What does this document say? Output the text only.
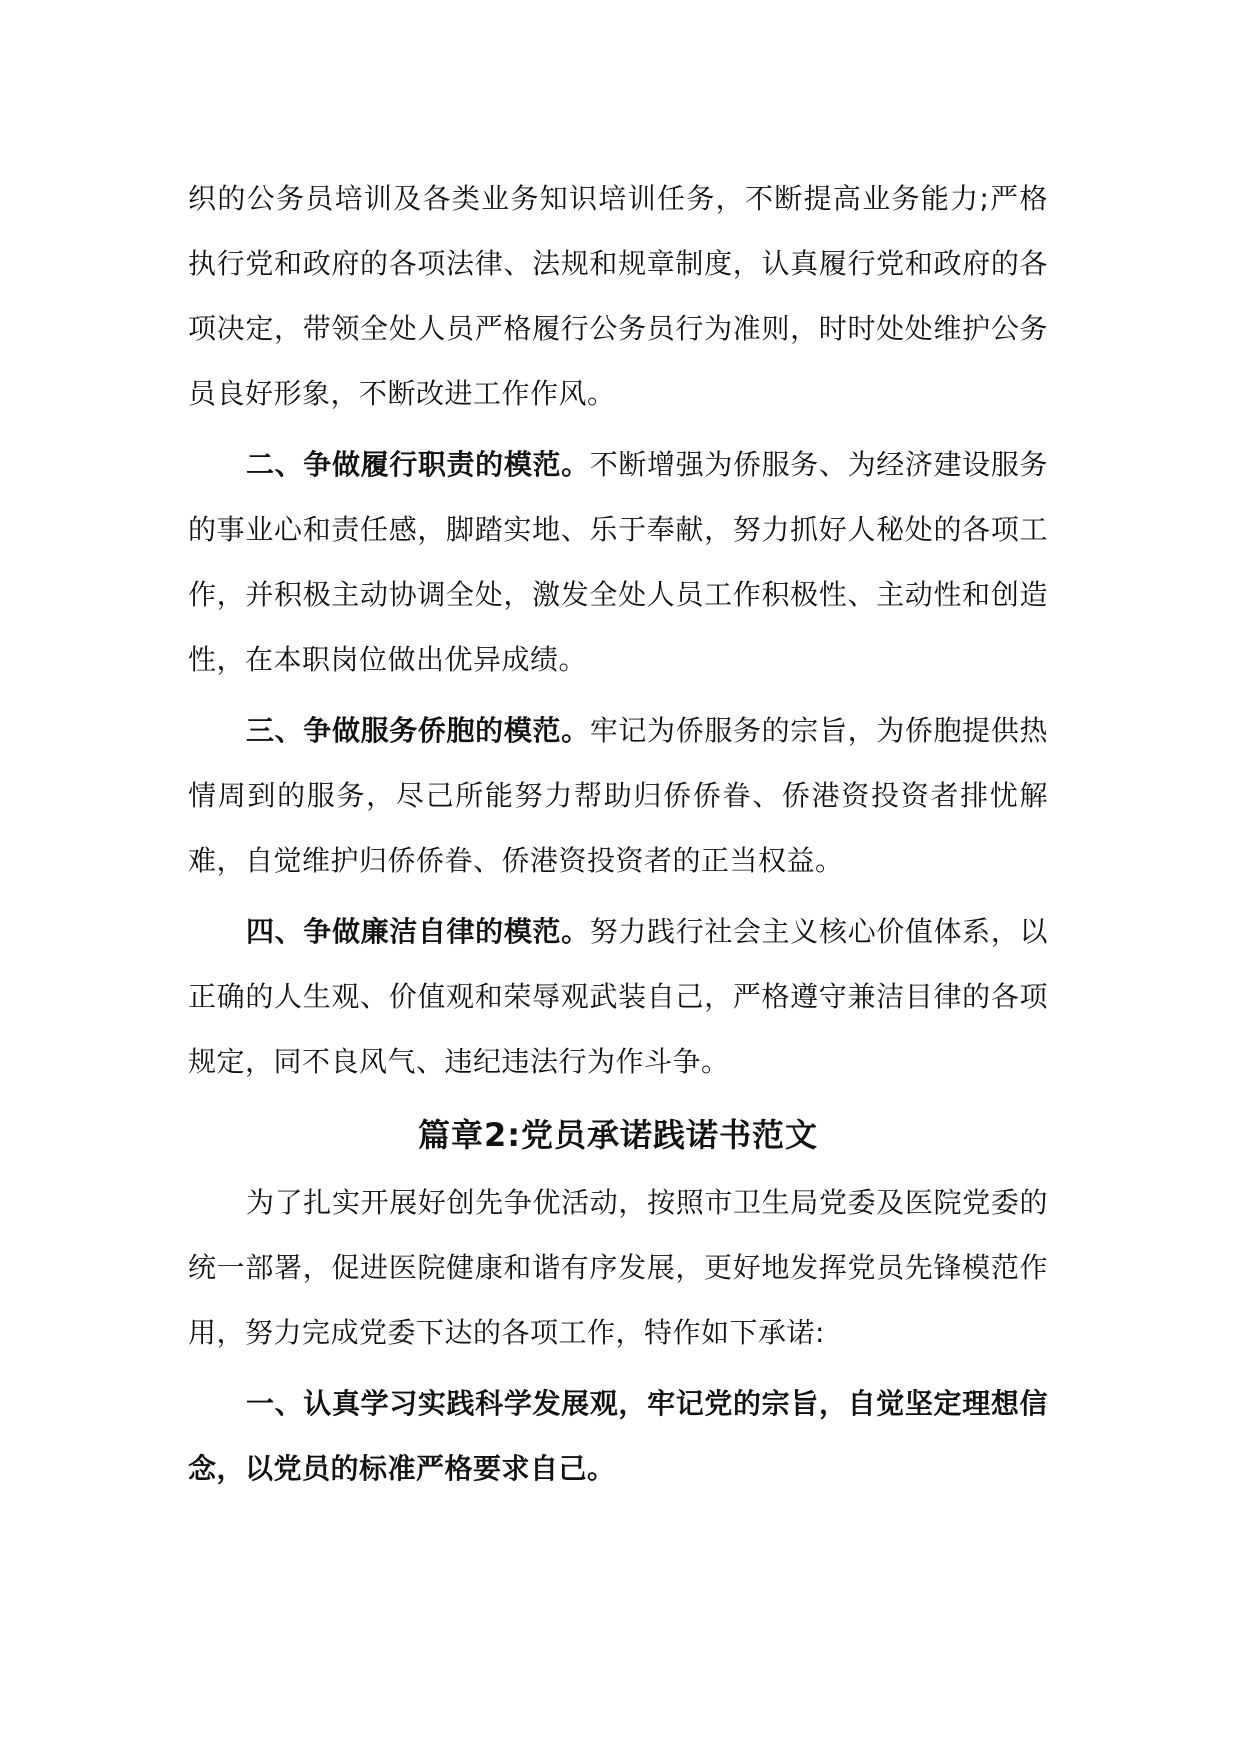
织的公务员培训及各类业务知识培训任务，不断提高业务能力;严格执行党和政府的各项法律、法规和规章制度，认真履行党和政府的各项决定，带领全处人员严格履行公务员行为准则，时时处处维护公务员良好形象，不断改进工作作风。

二、争做履行职责的模范。不断增强为侨服务、为经济建设服务的事业心和责任感，脚踏实地、乐于奉献，努力抓好人秘处的各项工作，并积极主动协调全处，激发全处人员工作积极性、主动性和创造性，在本职岗位做出优异成绩。

三、争做服务侨胞的模范。牢记为侨服务的宗旨，为侨胞提供热情周到的服务，尽己所能努力帮助归侨侨眷、侨港资投资者排忧解难，自觉维护归侨侨眷、侨港资投资者的正当权益。

四、争做廉洁自律的模范。努力践行社会主义核心价值体系，以正确的人生观、价值观和荣辱观武装自己，严格遵守兼洁目律的各项规定，同不良风气、违纪违法行为作斗争。

篇章2:党员承诺践诺书范文

为了扎实开展好创先争优活动，按照市卫生局党委及医院党委的统一部署，促进医院健康和谐有序发展，更好地发挥党员先锋模范作用，努力完成党委下达的各项工作，特作如下承诺:

一、认真学习实践科学发展观，牢记党的宗旨，自觉坚定理想信念，以党员的标准严格要求自己。
